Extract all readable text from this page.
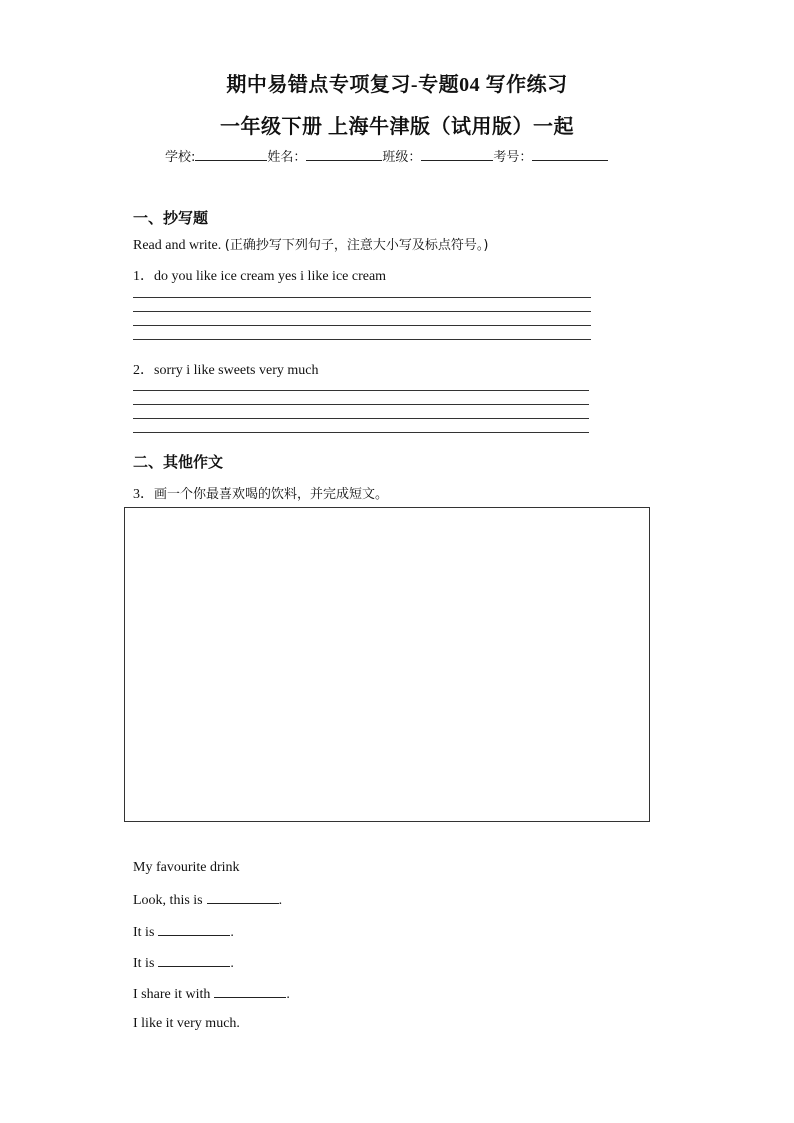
期中易错点专项复习-专题04 写作练习
一年级下册 上海牛津版（试用版）一起
学校:	姓名：	班级：	考号：
一、抄写题
Read and write. (正确抄写下列句子，注意大小写及标点符号。)
1．do you like ice cream yes i like ice cream
2．sorry i like sweets very much
二、其他作文
3．画一个你最喜欢喝的饮料，并完成短文。
My favourite drink
Look, this is	.
It is	.
It is	.
I share it with	.
I like it very much.
